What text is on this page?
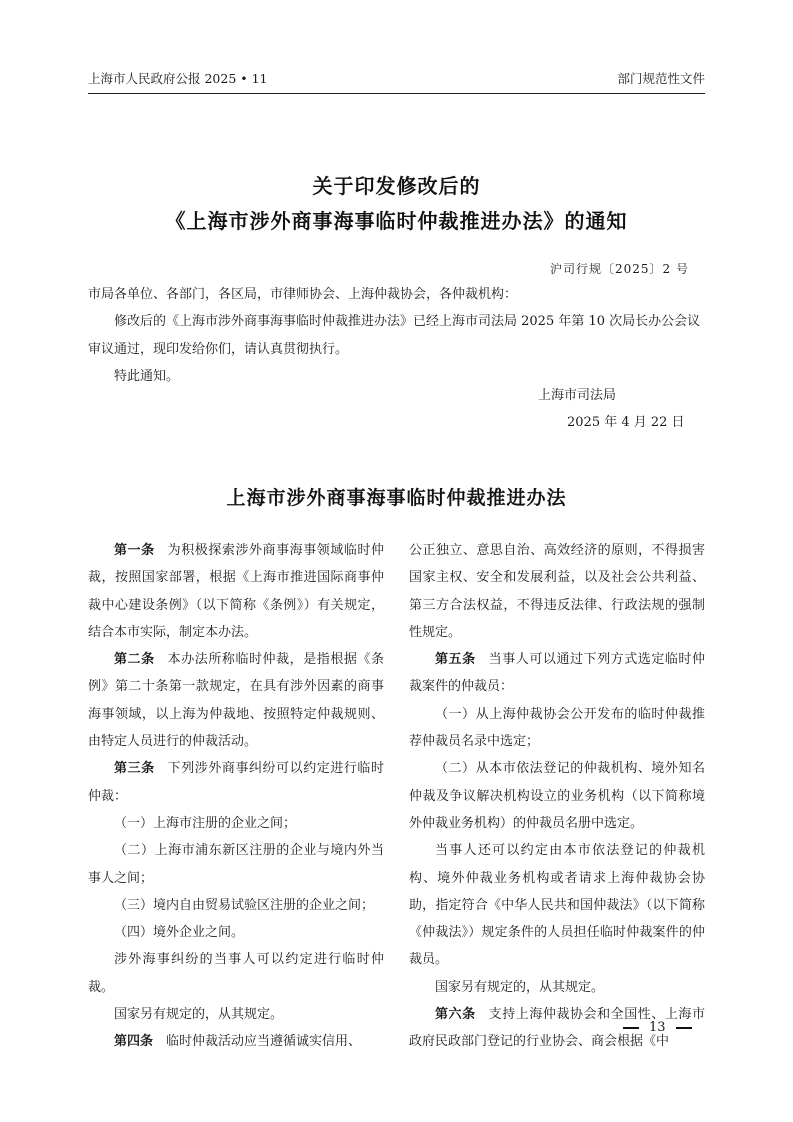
上海市人民政府公报 2025 • 11	部门规范性文件
关于印发修改后的
《上海市涉外商事海事临时仲裁推进办法》的通知
沪司行规〔2025〕2 号

市局各单位、各部门，各区局，市律师协会、上海仲裁协会，各仲裁机构：

修改后的《上海市涉外商事海事临时仲裁推进办法》已经上海市司法局 2025 年第 10 次局长办公会议审议通过，现印发给你们，请认真贯彻执行。

特此通知。

上海市司法局
2025 年 4 月 22 日
上海市涉外商事海事临时仲裁推进办法

第一条 为积极探索涉外商事海事领域临时仲裁，按照国家部署，根据《上海市推进国际商事仲裁中心建设条例》（以下简称《条例》）有关规定，结合本市实际，制定本办法。

第二条 本办法所称临时仲裁，是指根据《条例》第二十条第一款规定，在具有涉外因素的商事海事领域，以上海为仲裁地、按照特定仲裁规则、由特定人员进行的仲裁活动。

第三条 下列涉外商事纠纷可以约定进行临时仲裁：

（一）上海市注册的企业之间；

（二）上海市浦东新区注册的企业与境内外当事人之间；

（三）境内自由贸易试验区注册的企业之间；

（四）境外企业之间。

涉外海事纠纷的当事人可以约定进行临时仲裁。

国家另有规定的，从其规定。

第四条 临时仲裁活动应当遵循诚实信用、

公正独立、意思自治、高效经济的原则，不得损害国家主权、安全和发展利益，以及社会公共利益、第三方合法权益，不得违反法律、行政法规的强制性规定。

第五条 当事人可以通过下列方式选定临时仲裁案件的仲裁员：

（一）从上海仲裁协会公开发布的临时仲裁推荐仲裁员名录中选定；

（二）从本市依法登记的仲裁机构、境外知名仲裁及争议解决机构设立的业务机构（以下简称境外仲裁业务机构）的仲裁员名册中选定。

当事人还可以约定由本市依法登记的仲裁机构、境外仲裁业务机构或者请求上海仲裁协会协助，指定符合《中华人民共和国仲裁法》（以下简称《仲裁法》）规定条件的人员担任临时仲裁案件的仲裁员。

国家另有规定的，从其规定。

第六条 支持上海仲裁协会和全国性、上海市政府民政部门登记的行业协会、商会根据《中

13
